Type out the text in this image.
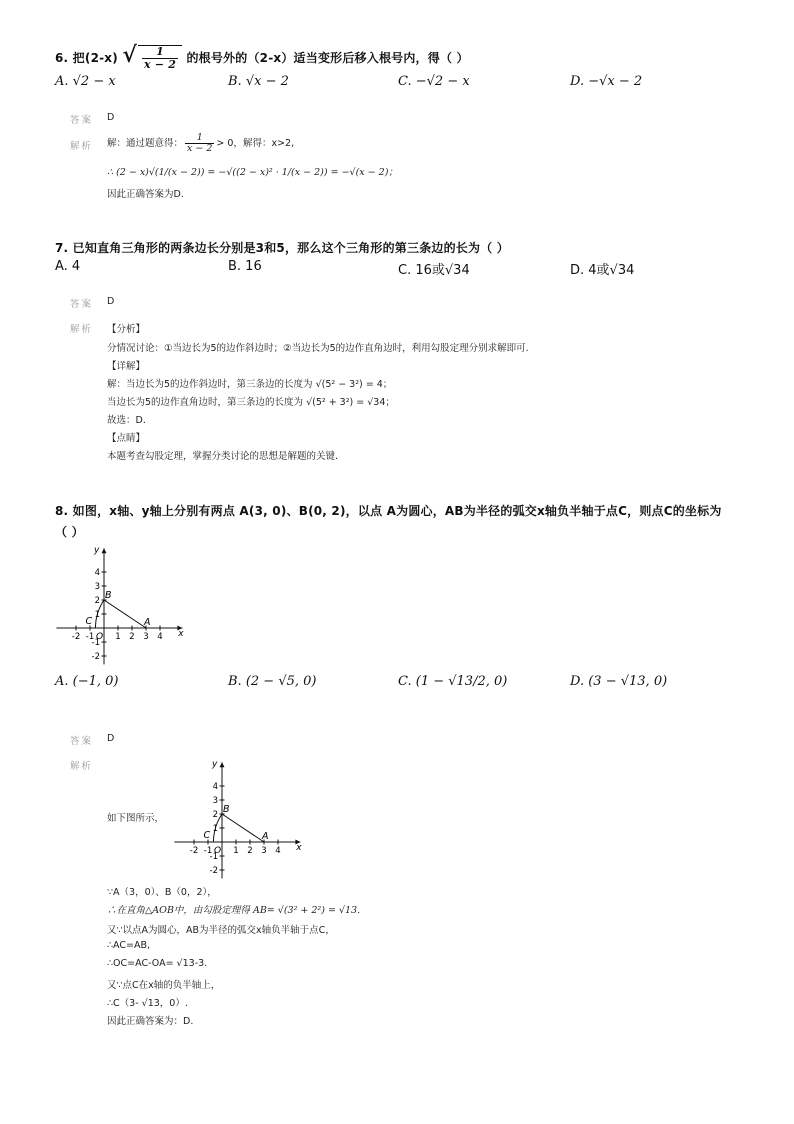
6. 把(2-x) √ $\frac{1}{x - 2}$ 的根号外的（2-x）适当变形后移入根号内，得（ ）
A. √2 − x	B. √x − 2	C. −√2 − x	D. −√x − 2
答案 D
解析 解：通过题意得： $\frac{1}{x - 2} > 0$，解得：x>2,
∴ (2 − x)√(1/(x − 2)) = −√((2 − x)² · 1/(x − 2)) = −√(x − 2)；
因此正确答案为D.
7. 已知直角三角形的两条边长分别是3和5，那么这个三角形的第三条边的长为（ ）
A. 4	B. 16	C. 16或√34	D. 4或√34
答案 D
解析 【分析】
分情况讨论：①当边长为5的边作斜边时；②当边长为5的边作直角边时，利用勾股定理分别求解即可.
【详解】
解：当边长为5的边作斜边时，第三条边的长度为 √(5² − 3²) = 4；
当边长为5的边作直角边时，第三条边的长度为 √(5² + 3²) = √34；
故选：D.
【点睛】
本题考查勾股定理，掌握分类讨论的思想是解题的关键.
8. 如图，x轴、y轴上分别有两点 A(3, 0)、B(0, 2)，以点 A为圆心，AB为半径的弧交x轴负半轴于点C，则点C的坐标为
（ ）
x
y
-2 -1 1 2 3 4
4
3
2
1
-1
-2
O
A
B
C
A. (−1, 0)	B. (2 − √5, 0)	C. (1 − √13/2, 0)	D. (3 − √13, 0)
答案 D
解析
如下图所示，
x
y
-2 -1 1 2 3 4
4
3
2
1
-1
-2
O
A
B
C
∵A（3，0）、B（0，2），
∴在直角△AOB中，由勾股定理得 AB= √(3² + 2²) = √13.
又∵以点A为圆心，AB为半径的弧交x轴负半轴于点C，
∴AC=AB,
∴OC=AC-OA= √13-3.
又∵点C在x轴的负半轴上，
∴C（3- √13，0）.
因此正确答案为：D.
